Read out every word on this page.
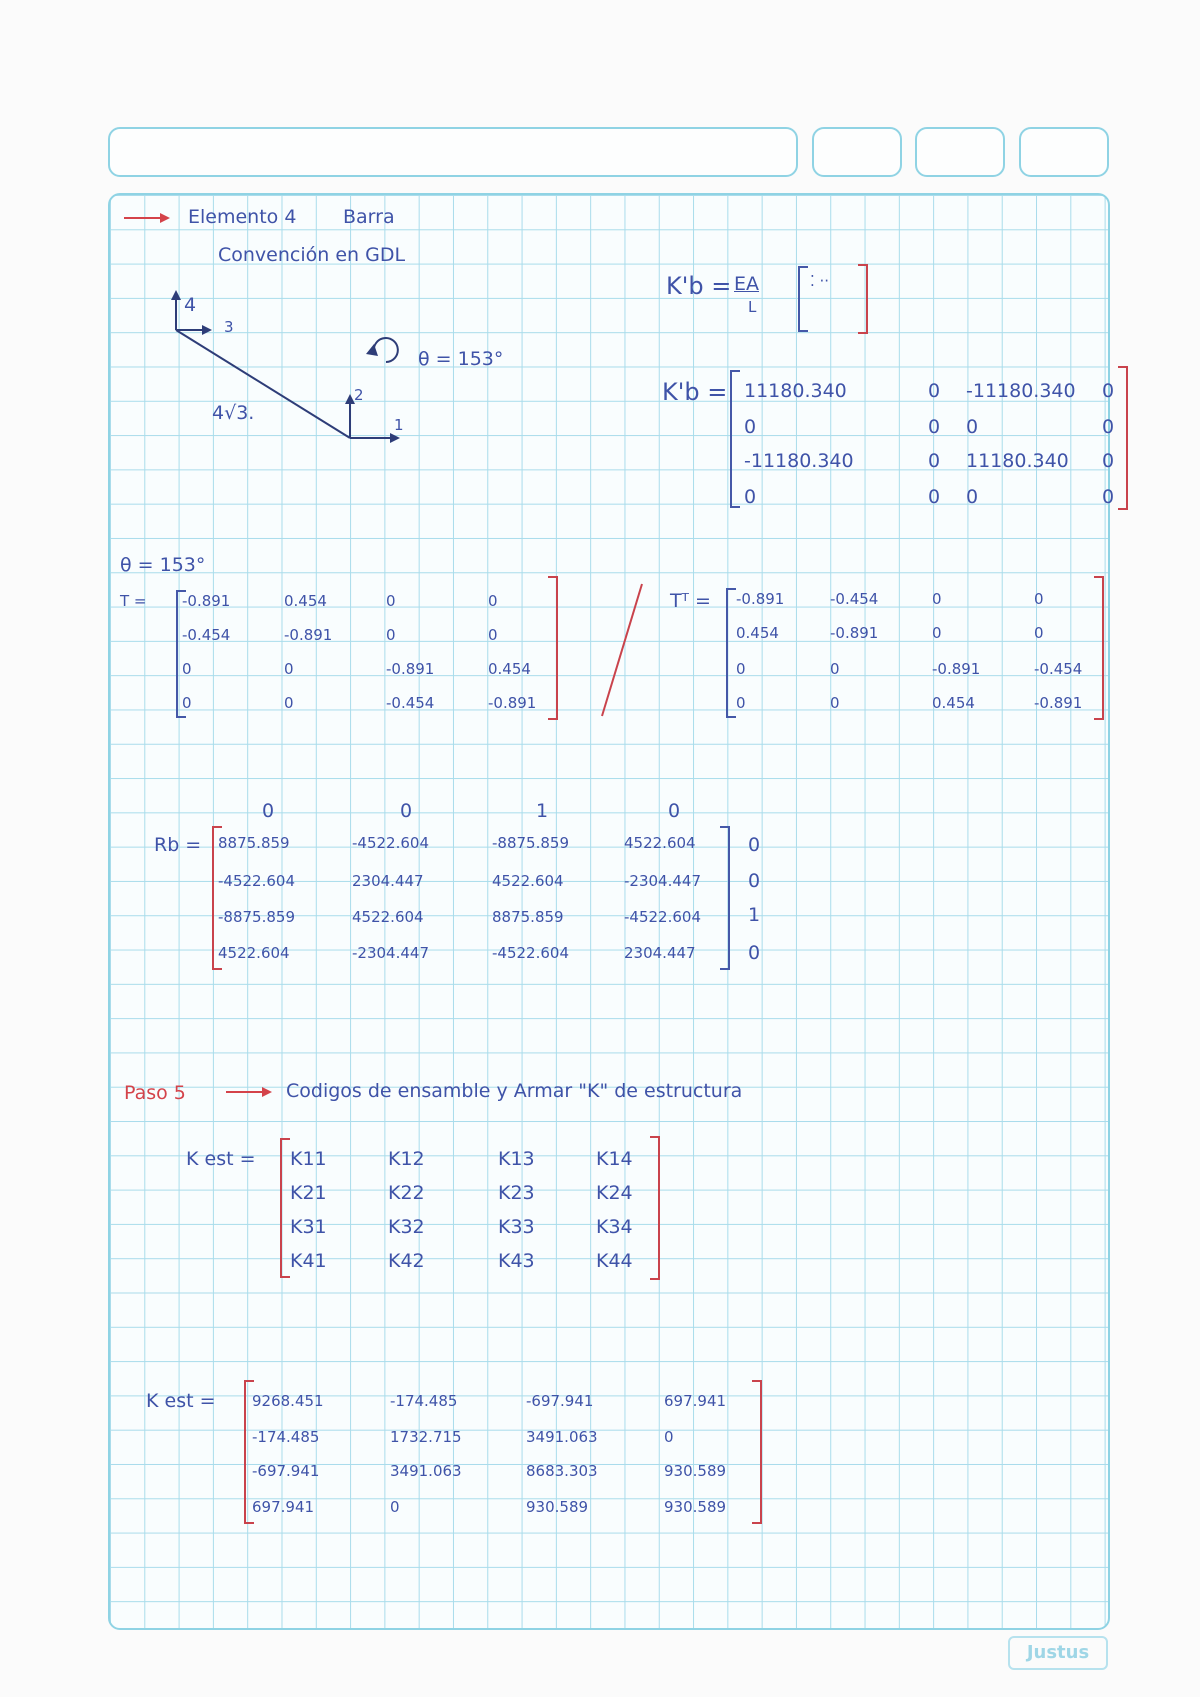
Elemento 4 Barra
Convención en GDL
4
3
2
1
4√3.
θ = 153°
K'b = EA
L
⁚ ··
K'b = 11180.340	0 -11180.340 0
0	0 0	0
-11180.340	0 11180.340 0
0	0 0	0
θ = 153°
T = -0.891	0.454	0	0
-0.454	-0.891	0	0
0	0	-0.891	0.454
0	0	-0.454	-0.891
Tᵀ = -0.891	-0.454	0	0
0.454	-0.891	0	0
0	0	-0.891	-0.454
0	0	0.454	-0.891
0	0	1	0
Rb = 8875.859	-4522.604	-8875.859	4522.604
-4522.604	2304.447	4522.604	-2304.447
-8875.859	4522.604	8875.859	-4522.604
4522.604	-2304.447	-4522.604	2304.447
0
0
1
0
Paso 5	Codigos de ensamble y Armar "K" de estructura
K est = K11	K12	K13	K14
K21	K22	K23	K24
K31	K32	K33	K34
K41	K42	K43	K44
K est = 9268.451	-174.485	-697.941	697.941
-174.485	1732.715	3491.063	0
-697.941	3491.063	8683.303	930.589
697.941	0	930.589	930.589
Justus
